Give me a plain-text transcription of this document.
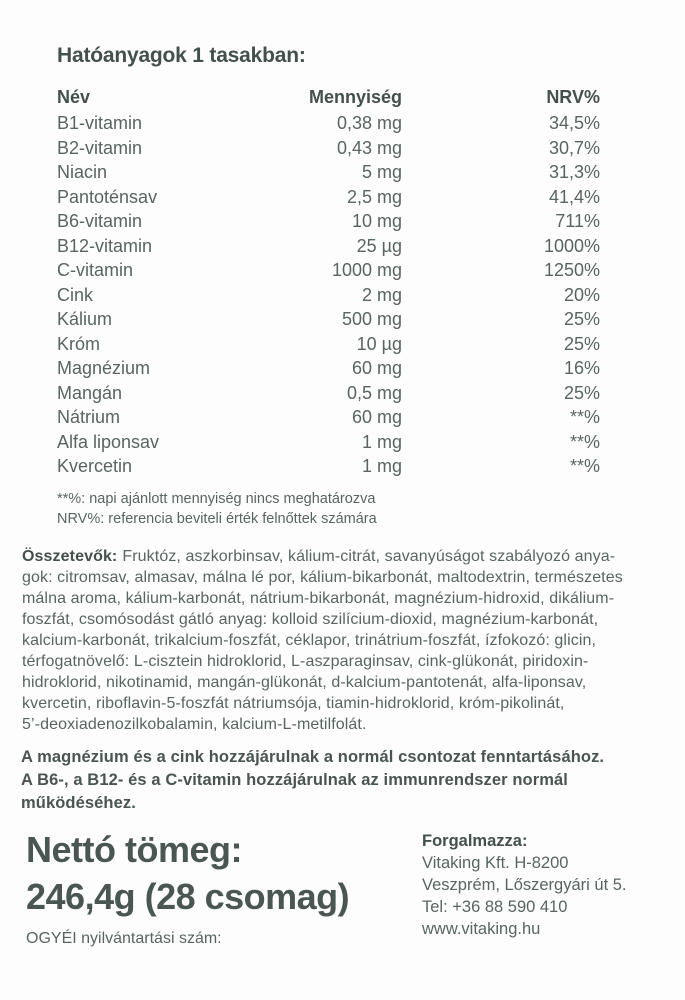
Hatóanyagok 1 tasakban:
Név	Mennyiség	NRV%
B1-vitamin	0,38 mg	34,5%
B2-vitamin	0,43 mg	30,7%
Niacin	5 mg	31,3%
Pantoténsav	2,5 mg	41,4%
B6-vitamin	10 mg	711%
B12-vitamin	25 µg	1000%
C-vitamin	1000 mg	1250%
Cink	2 mg	20%
Kálium	500 mg	25%
Króm	10 µg	25%
Magnézium	60 mg	16%
Mangán	0,5 mg	25%
Nátrium	60 mg	**%
Alfa liponsav	1 mg	**%
Kvercetin	1 mg	**%
**%: napi ajánlott mennyiség nincs meghatározva
NRV%: referencia beviteli érték felnőttek számára
Összetevők: Fruktóz, aszkorbinsav, kálium-citrát, savanyúságot szabályozó anya-
gok: citromsav, almasav, málna lé por, kálium-bikarbonát, maltodextrin, természetes
málna aroma, kálium-karbonát, nátrium-bikarbonát, magnézium-hidroxid, dikálium-
foszfát, csomósodást gátló anyag: kolloid szilícium-dioxid, magnézium-karbonát,
kalcium-karbonát, trikalcium-foszfát, céklapor, trinátrium-foszfát, ízfokozó: glicin,
térfogatnövelő: L-cisztein hidroklorid, L-aszparaginsav, cink-glükonát, piridoxin-
hidroklorid, nikotinamid, mangán-glükonát, d-kalcium-pantotenát, alfa-liponsav,
kvercetin, riboflavin-5-foszfát nátriumsója, tiamin-hidroklorid, króm-pikolinát,
5’-deoxiadenozilkobalamin, kalcium-L-metilfolát.
A magnézium és a cink hozzájárulnak a normál csontozat fenntartásához.
A B6-, a B12- és a C-vitamin hozzájárulnak az immunrendszer normál
működéséhez.
Nettó tömeg:
246,4g (28 csomag)
OGYÉI nyilvántartási szám:
Forgalmazza:
Vitaking Kft. H-8200
Veszprém, Lőszergyári út 5.
Tel: +36 88 590 410
www.vitaking.hu
